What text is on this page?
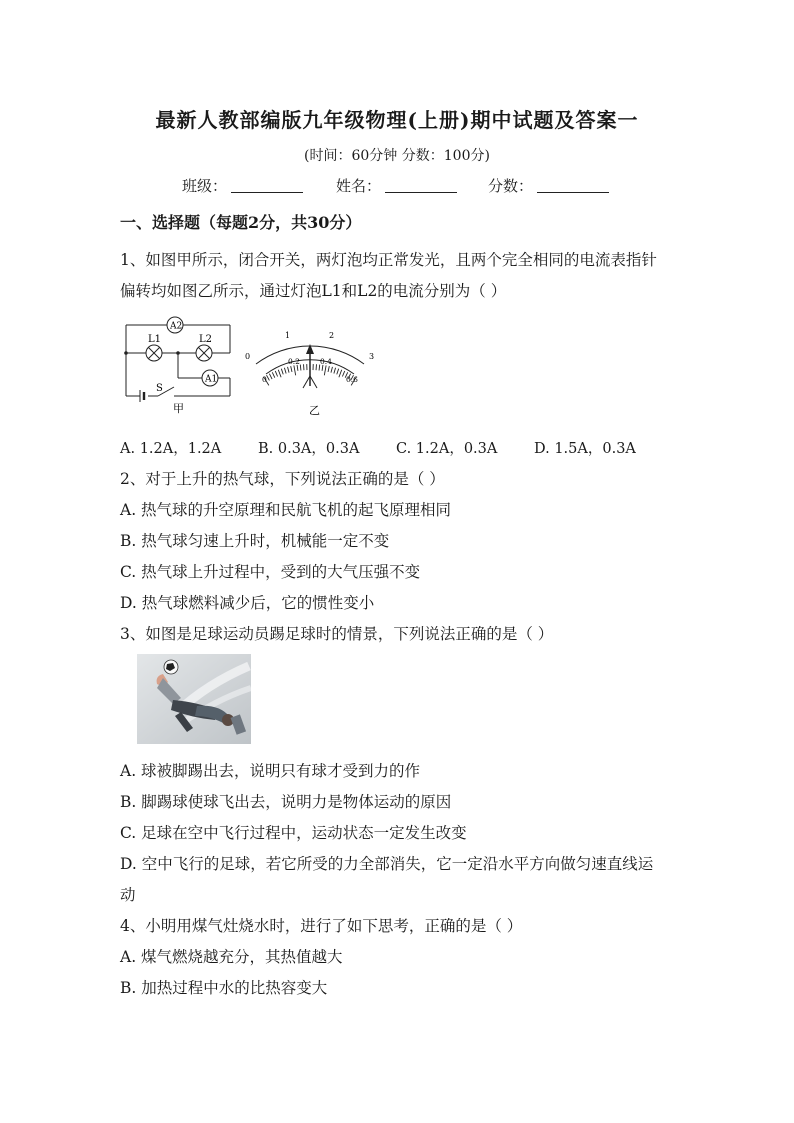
最新人教部编版九年级物理(上册)期中试题及答案一
(时间：60分钟 分数：100分)
班级：	姓名：	分数：
一、选择题（每题2分，共30分）
1、如图甲所示，闭合开关，两灯泡均正常发光，且两个完全相同的电流表指针
偏转均如图乙所示，通过灯泡L1和L2的电流分别为（ ）
A2
L1	L2
A1
S
甲
0
1	2
3
0
0.2	0.4
0.6
乙
A. 1.2A，1.2A	B. 0.3A，0.3A	C. 1.2A，0.3A	D. 1.5A，0.3A
2、对于上升的热气球，下列说法正确的是（ ）
A. 热气球的升空原理和民航飞机的起飞原理相同
B. 热气球匀速上升时，机械能一定不变
C. 热气球上升过程中，受到的大气压强不变
D. 热气球燃料减少后，它的惯性变小
3、如图是足球运动员踢足球时的情景，下列说法正确的是（ ）
A. 球被脚踢出去，说明只有球才受到力的作
B. 脚踢球使球飞出去，说明力是物体运动的原因
C. 足球在空中飞行过程中，运动状态一定发生改变
D. 空中飞行的足球，若它所受的力全部消失，它一定沿水平方向做匀速直线运
动
4、小明用煤气灶烧水时，进行了如下思考，正确的是（ ）
A. 煤气燃烧越充分，其热值越大
B. 加热过程中水的比热容变大
